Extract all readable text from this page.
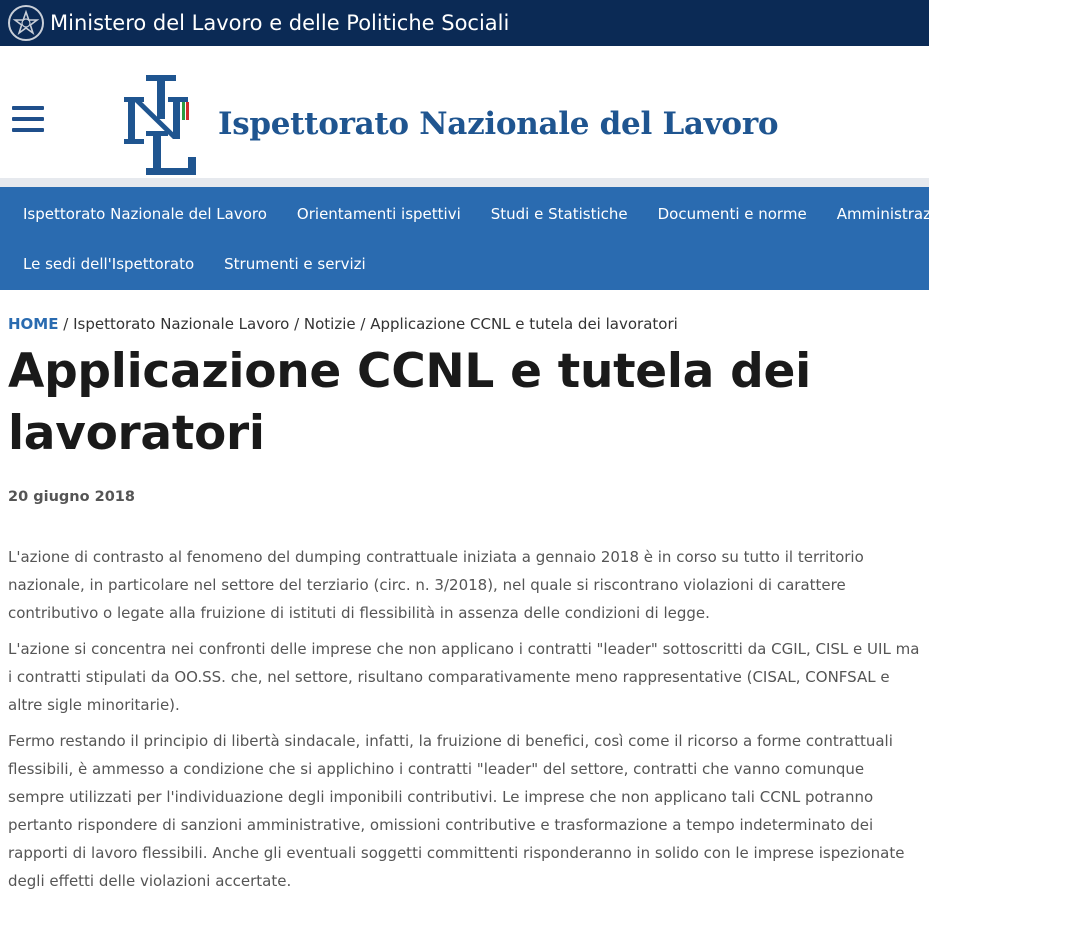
Ministero del Lavoro e delle Politiche Sociali
Ispettorato Nazionale del Lavoro
Ispettorato Nazionale del Lavoro	Orientamenti ispettivi	Studi e Statistiche	Documenti e norme	Amministrazione trasparente
Le sedi dell'Ispettorato	Strumenti e servizi
HOME / Ispettorato Nazionale Lavoro / Notizie / Applicazione CCNL e tutela dei lavoratori
Applicazione CCNL e tutela dei lavoratori
20 giugno 2018

L'azione di contrasto al fenomeno del dumping contrattuale iniziata a gennaio 2018 è in corso su tutto il territorio nazionale, in particolare nel settore del terziario (circ. n. 3/2018), nel quale si riscontrano violazioni di carattere contributivo o legate alla fruizione di istituti di flessibilità in assenza delle condizioni di legge.

L'azione si concentra nei confronti delle imprese che non applicano i contratti "leader" sottoscritti da CGIL, CISL e UIL ma i contratti stipulati da OO.SS. che, nel settore, risultano comparativamente meno rappresentative (CISAL, CONFSAL e altre sigle minoritarie).

Fermo restando il principio di libertà sindacale, infatti, la fruizione di benefici, così come il ricorso a forme contrattuali flessibili, è ammesso a condizione che si applichino i contratti "leader" del settore, contratti che vanno comunque sempre utilizzati per l'individuazione degli imponibili contributivi. Le imprese che non applicano tali CCNL potranno pertanto rispondere di sanzioni amministrative, omissioni contributive e trasformazione a tempo indeterminato dei rapporti di lavoro flessibili. Anche gli eventuali soggetti committenti risponderanno in solido con le imprese ispezionate degli effetti delle violazioni accertate.
